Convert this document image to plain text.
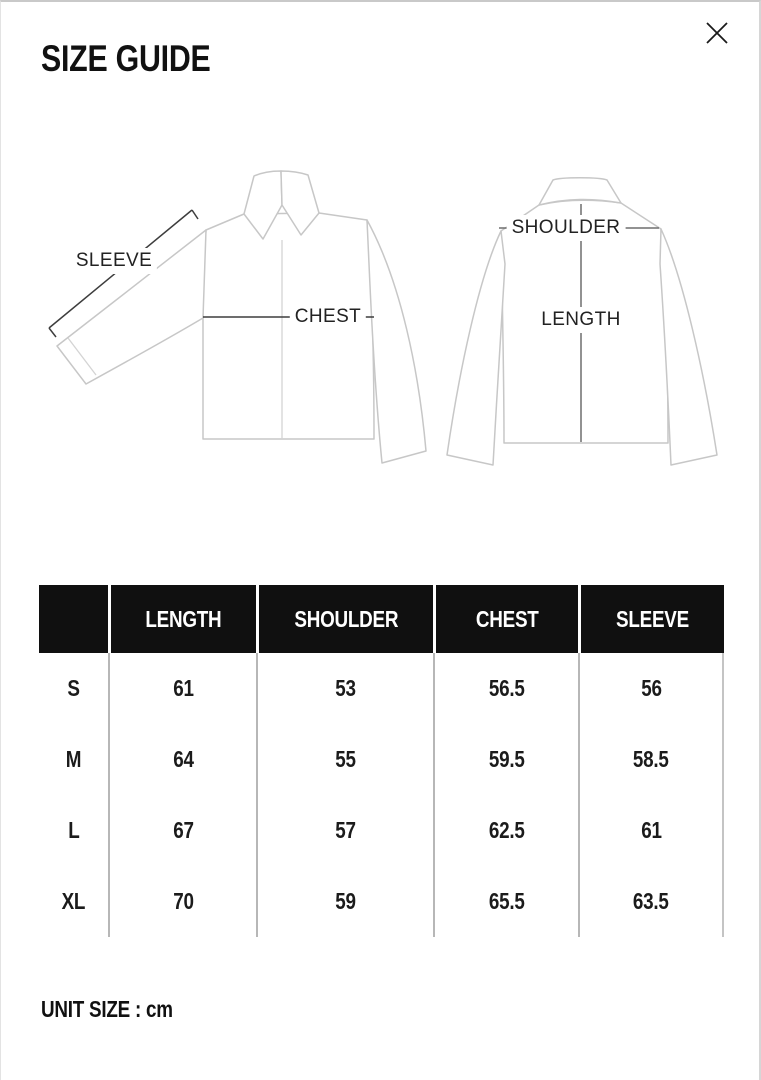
SIZE GUIDE
SLEEVE
CHEST
SHOULDER
LENGTH
	LENGTH	SHOULDER	CHEST	SLEEVE
S	61	53	56.5	56
M	64	55	59.5	58.5
L	67	57	62.5	61
XL	70	59	65.5	63.5
UNIT SIZE : cm
